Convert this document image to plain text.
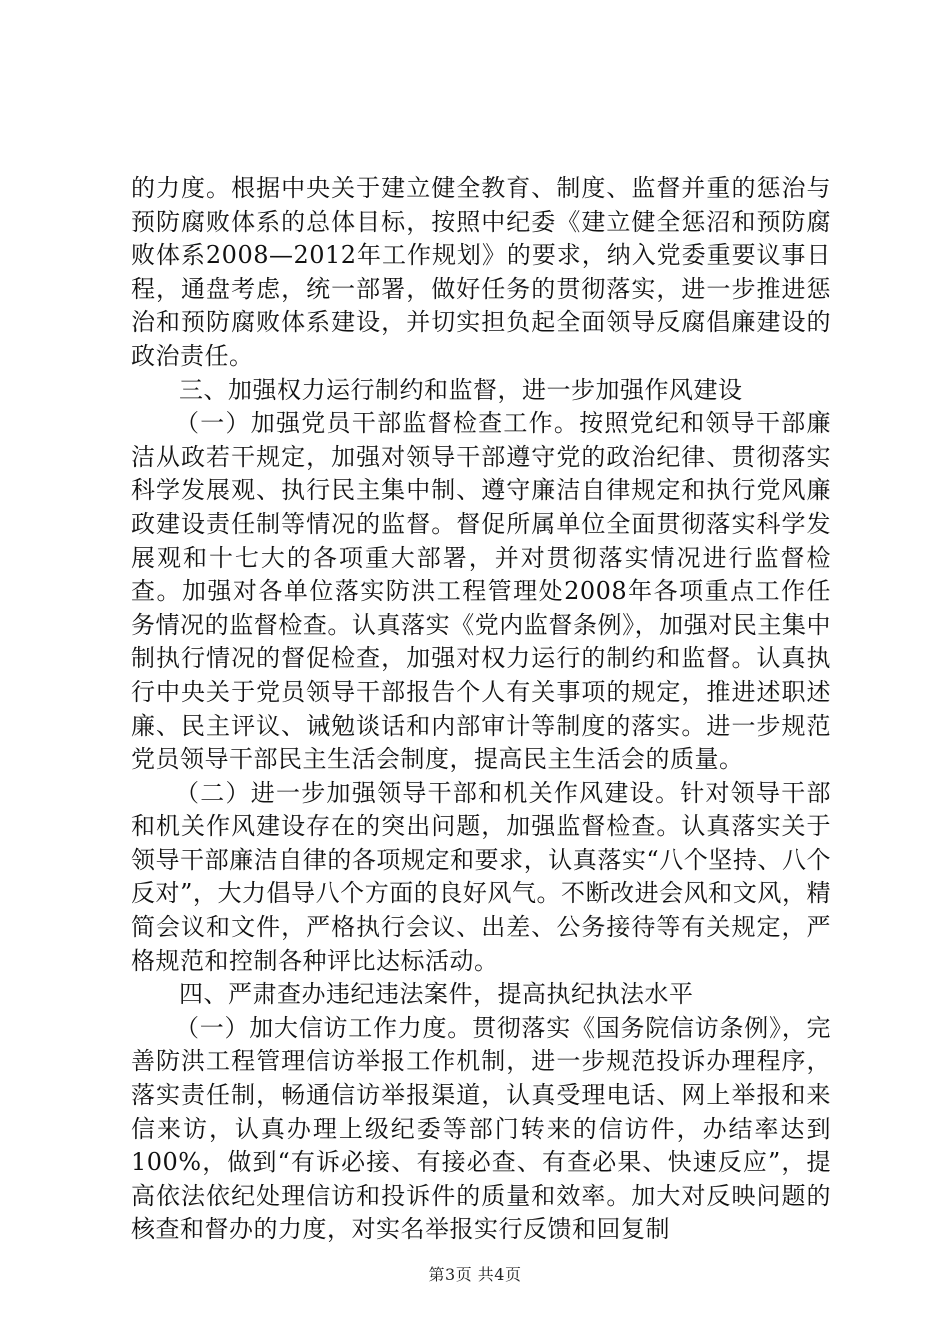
的力度。根据中央关于建立健全教育、制度、监督并重的惩治与预防腐败体系的总体目标，按照中纪委《建立健全惩沼和预防腐败体系2008—2012年工作规划》的要求，纳入党委重要议事日程，通盘考虑，统一部署，做好任务的贯彻落实，进一步推进惩治和预防腐败体系建设，并切实担负起全面领导反腐倡廉建设的政治责任。

三、加强权力运行制约和监督，进一步加强作风建设

（一）加强党员干部监督检查工作。按照党纪和领导干部廉洁从政若干规定，加强对领导干部遵守党的政治纪律、贯彻落实科学发展观、执行民主集中制、遵守廉洁自律规定和执行党风廉政建设责任制等情况的监督。督促所属单位全面贯彻落实科学发展观和十七大的各项重大部署，并对贯彻落实情况进行监督检查。加强对各单位落实防洪工程管理处2008年各项重点工作任务情况的监督检查。认真落实《党内监督条例》，加强对民主集中制执行情况的督促检查，加强对权力运行的制约和监督。认真执行中央关于党员领导干部报告个人有关事项的规定，推进述职述廉、民主评议、诫勉谈话和内部审计等制度的落实。进一步规范党员领导干部民主生活会制度，提高民主生活会的质量。

（二）进一步加强领导干部和机关作风建设。针对领导干部和机关作风建设存在的突出问题，加强监督检查。认真落实关于领导干部廉洁自律的各项规定和要求，认真落实“八个坚持、八个反对”，大力倡导八个方面的良好风气。不断改进会风和文风，精简会议和文件，严格执行会议、出差、公务接待等有关规定，严格规范和控制各种评比达标活动。

四、严肃查办违纪违法案件，提高执纪执法水平

（一）加大信访工作力度。贯彻落实《国务院信访条例》，完善防洪工程管理信访举报工作机制，进一步规范投诉办理程序，落实责任制，畅通信访举报渠道，认真受理电话、网上举报和来信来访，认真办理上级纪委等部门转来的信访件，办结率达到100%，做到“有诉必接、有接必查、有查必果、快速反应”，提高依法依纪处理信访和投诉件的质量和效率。加大对反映问题的核查和督办的力度，对实名举报实行反馈和回复制

第3页 共4页
